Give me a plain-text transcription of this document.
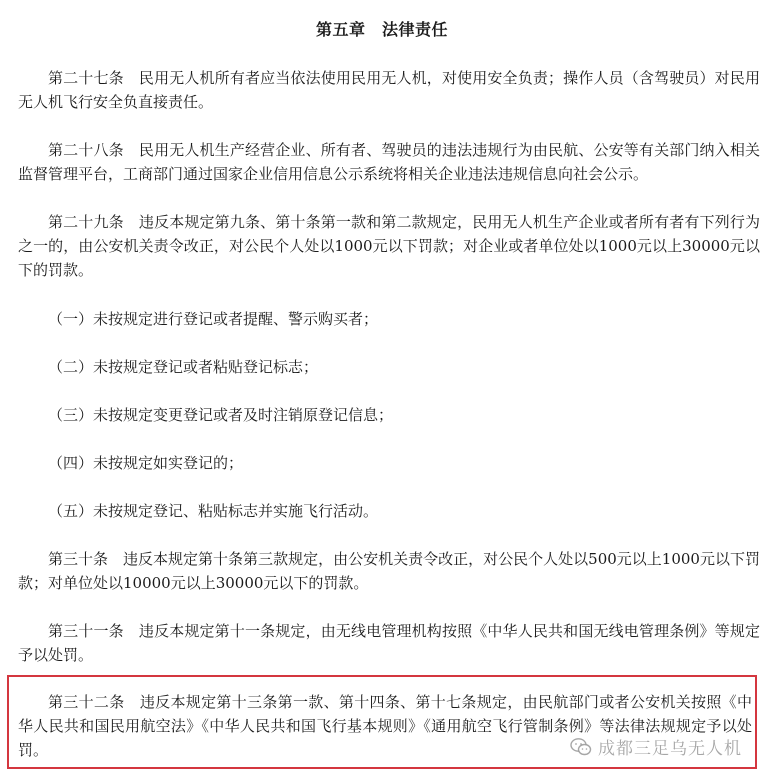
第五章　法律责任

第二十七条　民用无人机所有者应当依法使用民用无人机，对使用安全负责；操作人员（含驾驶员）对民用无人机飞行安全负直接责任。

第二十八条　民用无人机生产经营企业、所有者、驾驶员的违法违规行为由民航、公安等有关部门纳入相关监督管理平台，工商部门通过国家企业信用信息公示系统将相关企业违法违规信息向社会公示。

第二十九条　违反本规定第九条、第十条第一款和第二款规定，民用无人机生产企业或者所有者有下列行为之一的，由公安机关责令改正，对公民个人处以1000元以下罚款；对企业或者单位处以1000元以上30000元以下的罚款。

（一）未按规定进行登记或者提醒、警示购买者；

（二）未按规定登记或者粘贴登记标志；

（三）未按规定变更登记或者及时注销原登记信息；

（四）未按规定如实登记的；

（五）未按规定登记、粘贴标志并实施飞行活动。

第三十条　违反本规定第十条第三款规定，由公安机关责令改正，对公民个人处以500元以上1000元以下罚款；对单位处以10000元以上30000元以下的罚款。

第三十一条　违反本规定第十一条规定，由无线电管理机构按照《中华人民共和国无线电管理条例》等规定予以处罚。

第三十二条　违反本规定第十三条第一款、第十四条、第十七条规定，由民航部门或者公安机关按照《中华人民共和国民用航空法》《中华人民共和国飞行基本规则》《通用航空飞行管制条例》等法律法规规定予以处罚。	成都三足乌无人机
